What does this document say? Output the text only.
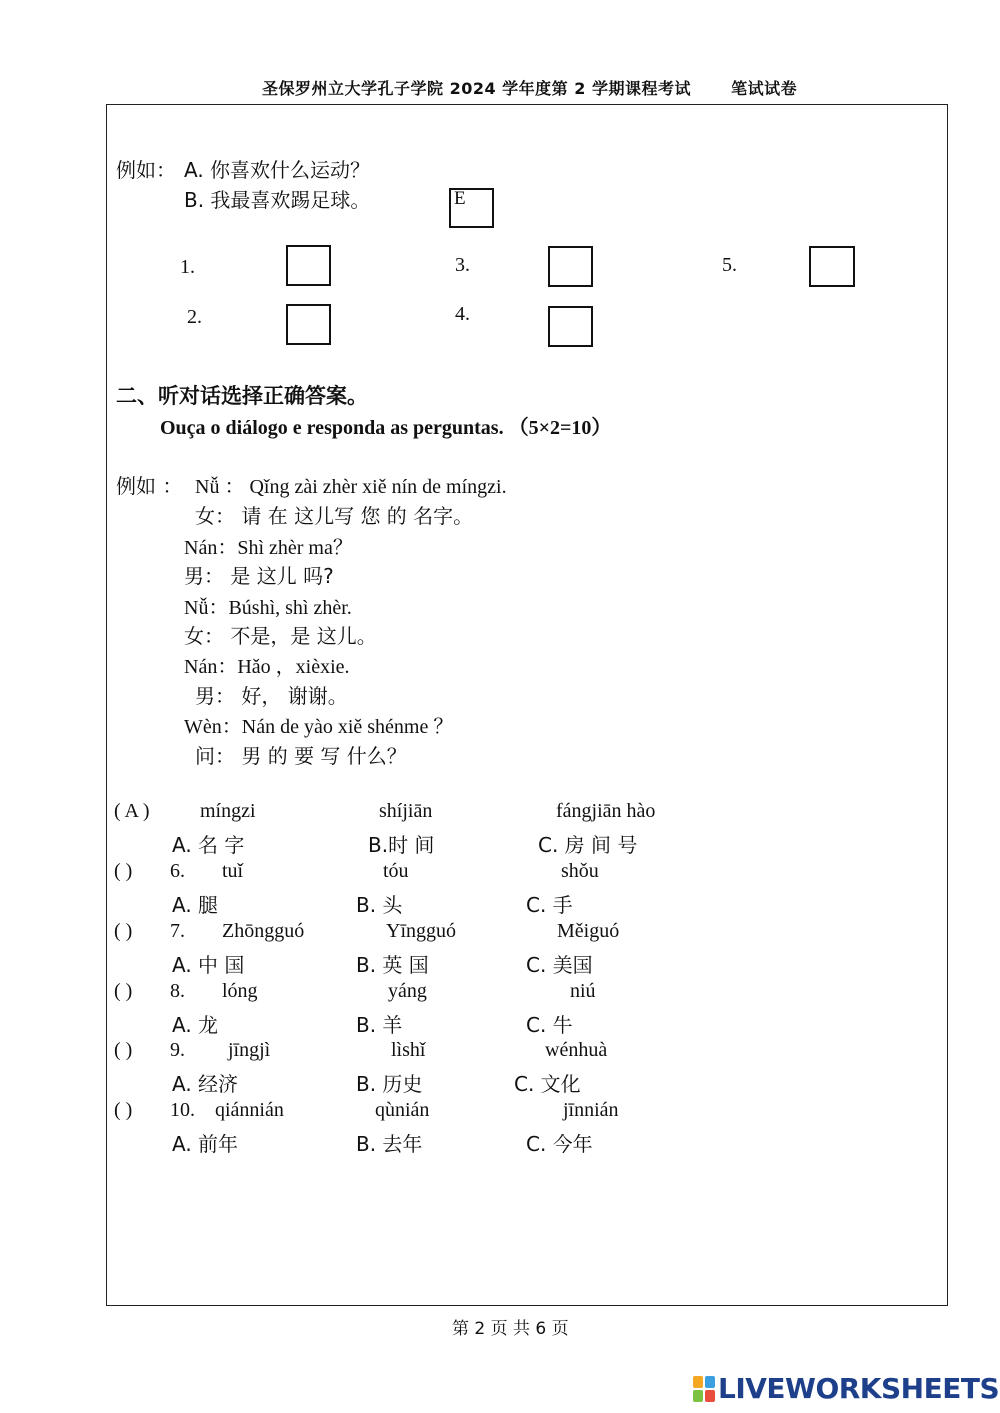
圣保罗州立大学孔子学院 2024 学年度第 2 学期课程考试	笔试试卷
例如： A. 你喜欢什么运动？
B. 我最喜欢踢足球。	E
1.
2.
3.
4.
5.
二、听对话选择正确答案。
Ouça o diálogo e responda as perguntas. （5×2=10）
例如 ： Nǚ ： Qǐng zài zhèr xiě nín de míngzi.
女： 请 在 这儿写 您 的 名字。
Nán：Shì zhèr ma？
男： 是 这儿 吗?
Nǚ：Búshì, shì zhèr.
女： 不是，是 这儿。
Nán：Hǎo ，xièxie.
男： 好， 谢谢。
Wèn：Nán de yào xiě shénme ？
问： 男 的 要 写 什么？
( A )	míngzi	shíjiān	fángjiān hào
A. 名 字	B.时 间	C. 房 间 号
( ) 6. tuǐ	tóu	shǒu
A. 腿	B. 头	C. 手
( ) 7. Zhōngguó	Yīngguó	Měiguó
A. 中 国	B. 英 国	C. 美国
( ) 8. lóng	yáng	niú
A. 龙	B. 羊	C. 牛
( ) 9. jīngjì	lìshǐ	wénhuà
A. 经济	B. 历史	C. 文化
( ) 10. qiánnián	qùnián	jīnnián
A. 前年	B. 去年	C. 今年
第 2 页 共 6 页
LIVEWORKSHEETS
